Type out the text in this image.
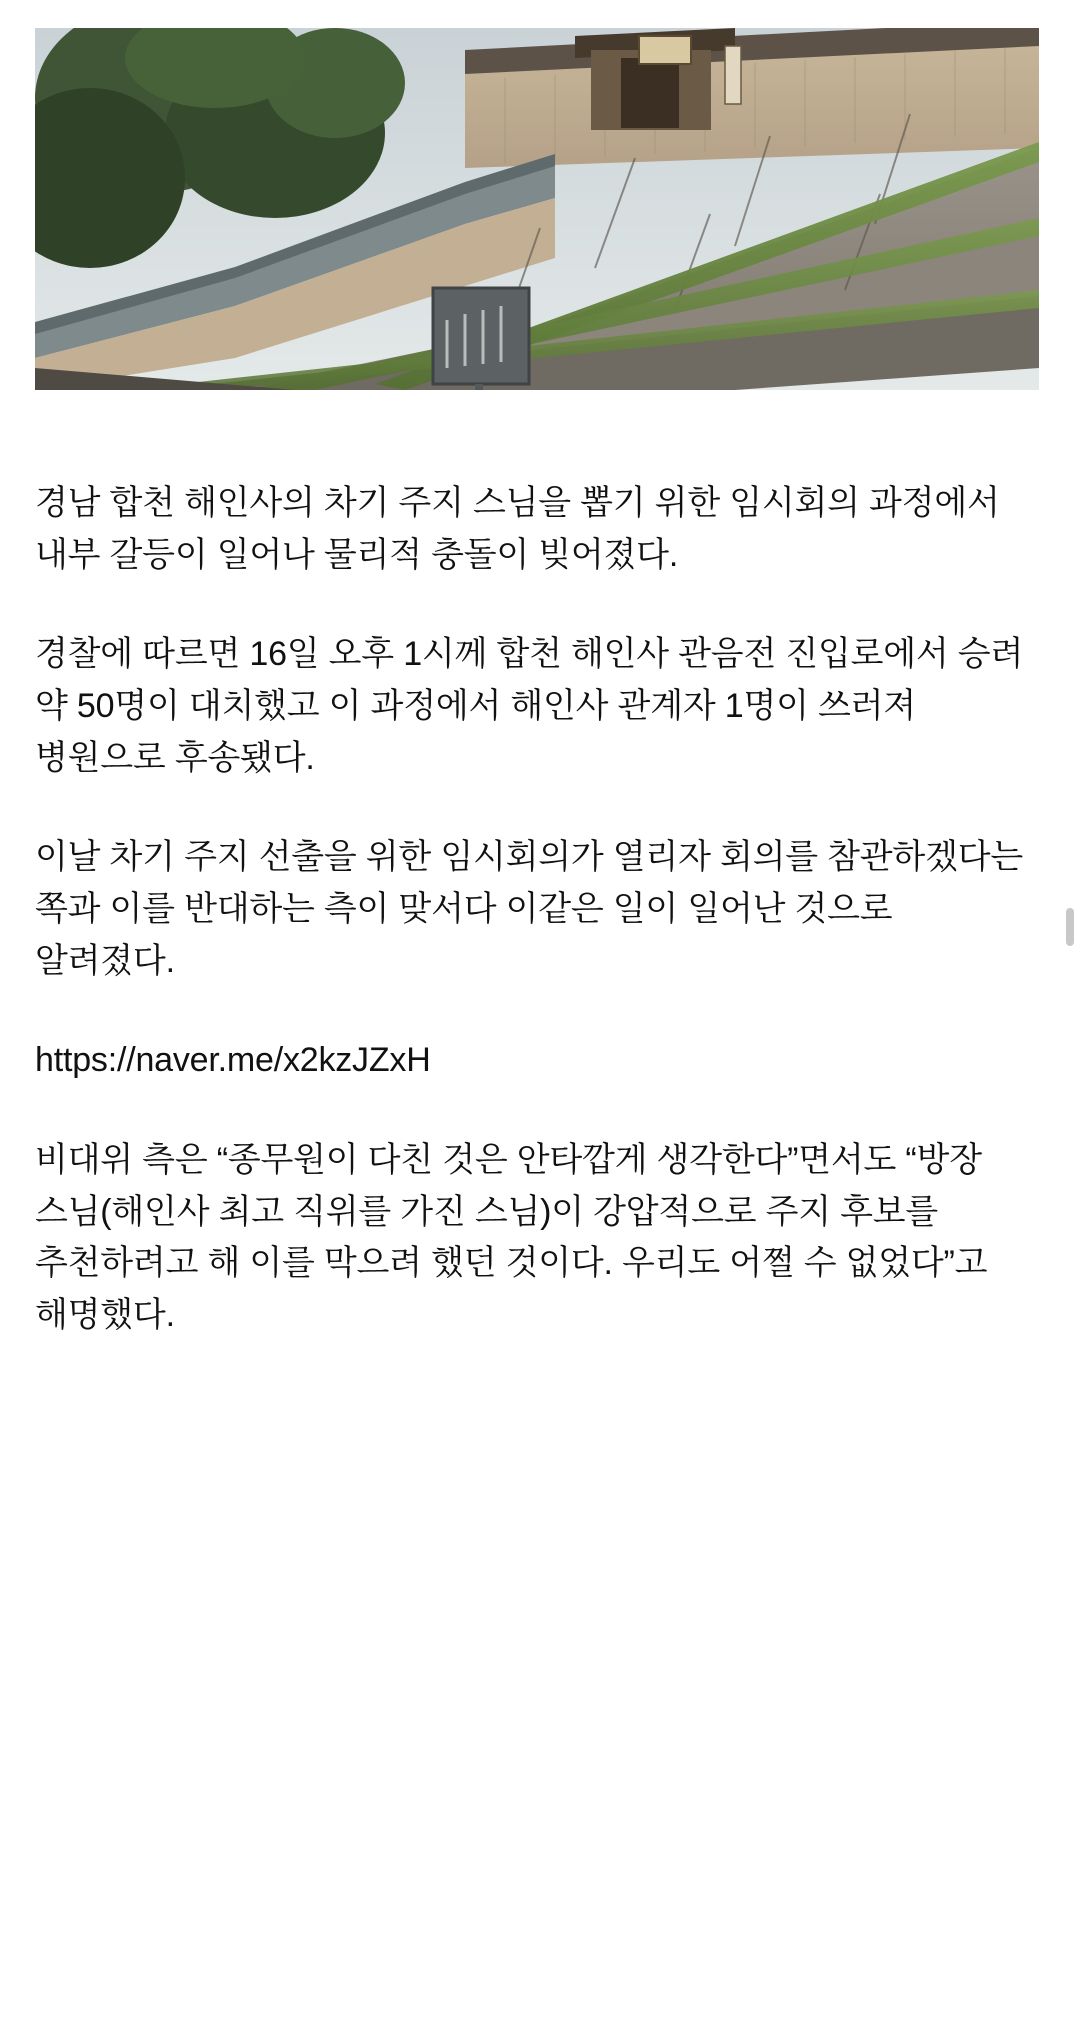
경남 합천 해인사의 차기 주지 스님을 뽑기 위한 임시회의 과정에서 내부 갈등이 일어나 물리적 충돌이 빚어졌다.

경찰에 따르면 16일 오후 1시께 합천 해인사 관음전 진입로에서 승려 약 50명이 대치했고 이 과정에서 해인사 관계자 1명이 쓰러져 병원으로 후송됐다.

이날 차기 주지 선출을 위한 임시회의가 열리자 회의를 참관하겠다는 쪽과 이를 반대하는 측이 맞서다 이같은 일이 일어난 것으로 알려졌다.

https://naver.me/x2kzJZxH

비대위 측은 “종무원이 다친 것은 안타깝게 생각한다”면서도 “방장 스님(해인사 최고 직위를 가진 스님)이 강압적으로 주지 후보를 추천하려고 해 이를 막으려 했던 것이다. 우리도 어쩔 수 없었다”고 해명했다.
